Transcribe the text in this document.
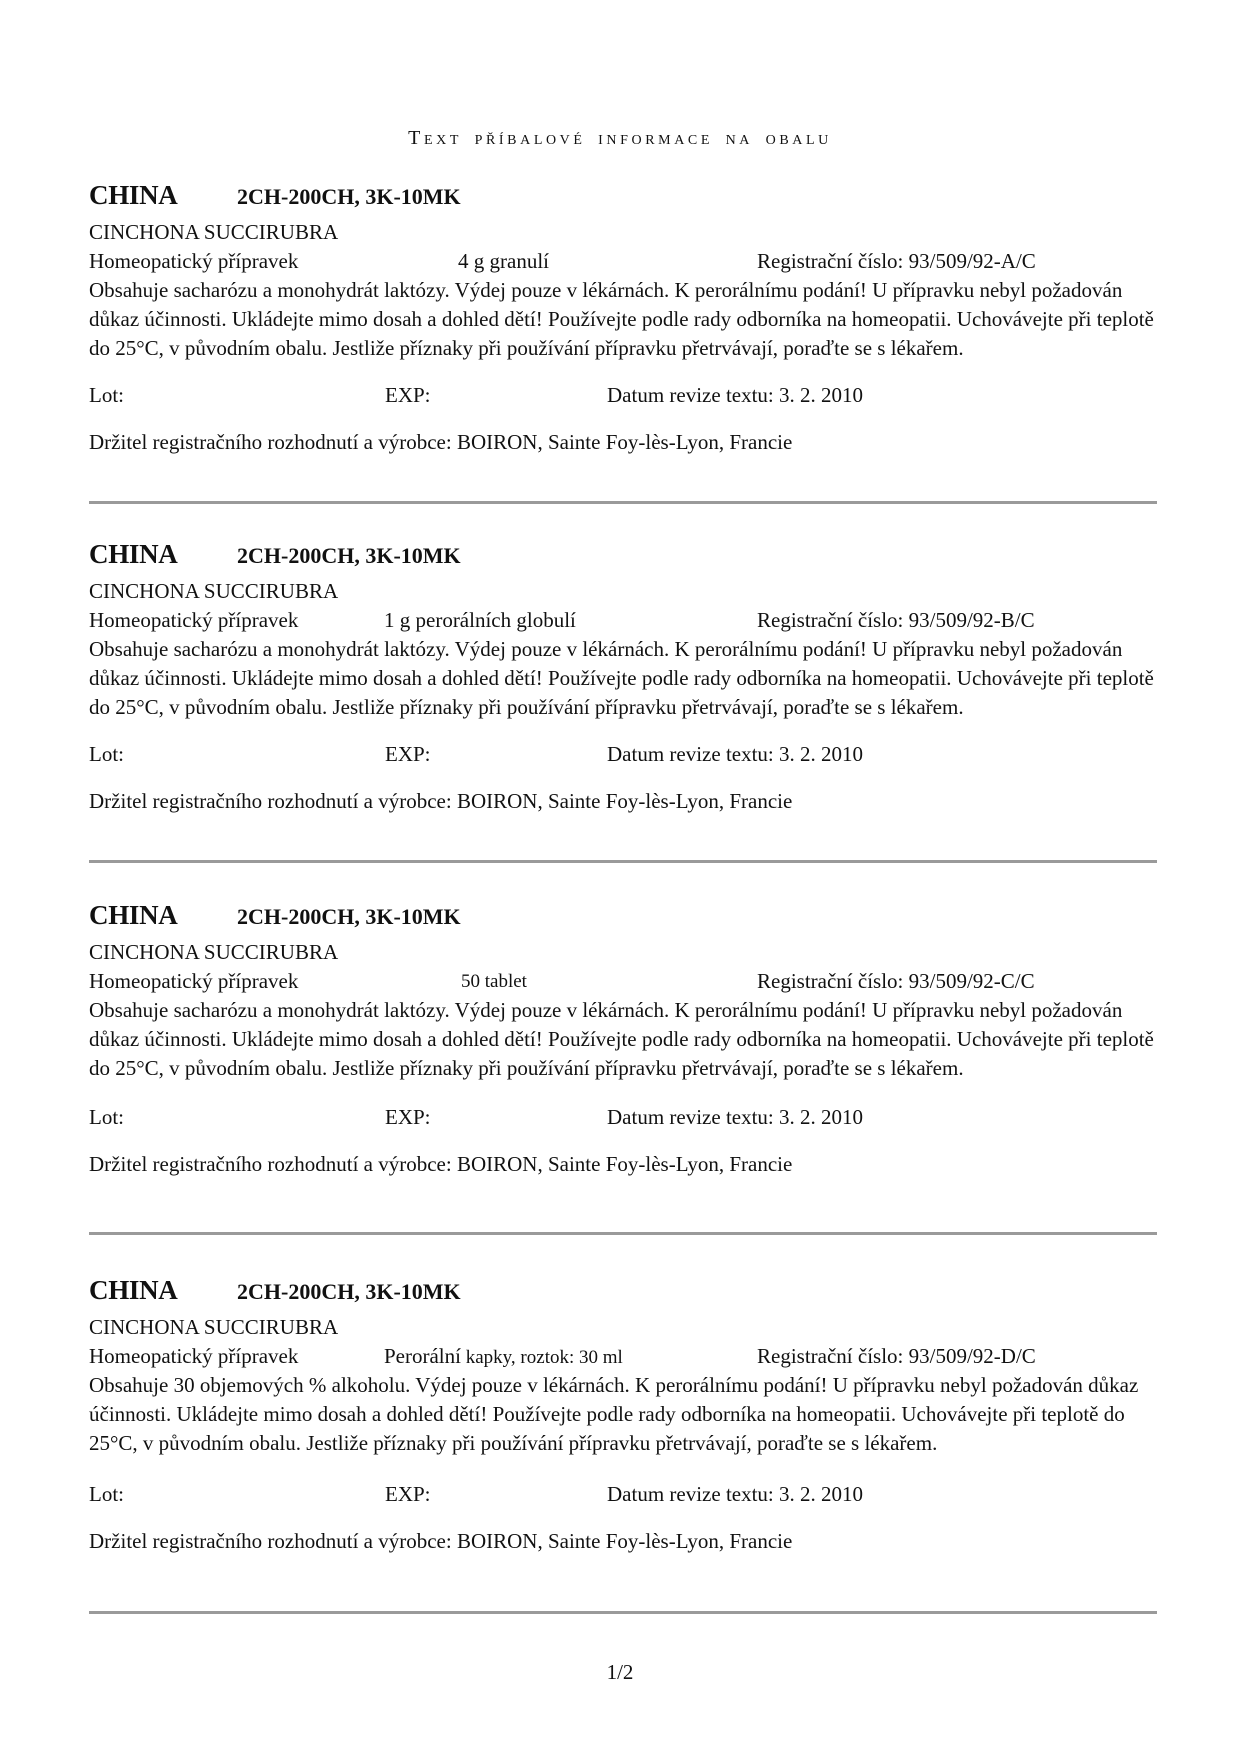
Text příbalové informace na obalu
CHINA	2CH-200CH, 3K-10MK
CINCHONA SUCCIRUBRA
Homeopatický přípravek	4 g granulí	Registrační číslo: 93/509/92-A/C

Obsahuje sacharózu a monohydrát laktózy. Výdej pouze v lékárnách. K perorálnímu podání! U přípravku nebyl požadován důkaz účinnosti. Ukládejte mimo dosah a dohled dětí! Používejte podle rady odborníka na homeopatii. Uchovávejte při teplotě do 25°C, v původním obalu. Jestliže příznaky při používání přípravku přetrvávají, poraďte se s lékařem.

Lot:	EXP:	Datum revize textu: 3. 2. 2010
Držitel registračního rozhodnutí a výrobce: BOIRON, Sainte Foy-lès-Lyon, Francie
CHINA	2CH-200CH, 3K-10MK
CINCHONA SUCCIRUBRA
Homeopatický přípravek	1 g perorálních globulí	Registrační číslo: 93/509/92-B/C

Obsahuje sacharózu a monohydrát laktózy. Výdej pouze v lékárnách. K perorálnímu podání! U přípravku nebyl požadován důkaz účinnosti. Ukládejte mimo dosah a dohled dětí! Používejte podle rady odborníka na homeopatii. Uchovávejte při teplotě do 25°C, v původním obalu. Jestliže příznaky při používání přípravku přetrvávají, poraďte se s lékařem.

Lot:	EXP:	Datum revize textu: 3. 2. 2010
Držitel registračního rozhodnutí a výrobce: BOIRON, Sainte Foy-lès-Lyon, Francie
CHINA	2CH-200CH, 3K-10MK
CINCHONA SUCCIRUBRA
Homeopatický přípravek	50 tablet	Registrační číslo: 93/509/92-C/C

Obsahuje sacharózu a monohydrát laktózy. Výdej pouze v lékárnách. K perorálnímu podání! U přípravku nebyl požadován důkaz účinnosti. Ukládejte mimo dosah a dohled dětí! Používejte podle rady odborníka na homeopatii. Uchovávejte při teplotě do 25°C, v původním obalu. Jestliže příznaky při používání přípravku přetrvávají, poraďte se s lékařem.

Lot:	EXP:	Datum revize textu: 3. 2. 2010
Držitel registračního rozhodnutí a výrobce: BOIRON, Sainte Foy-lès-Lyon, Francie
CHINA	2CH-200CH, 3K-10MK
CINCHONA SUCCIRUBRA
Homeopatický přípravek	Perorální kapky, roztok: 30 ml	Registrační číslo: 93/509/92-D/C

Obsahuje 30 objemových % alkoholu. Výdej pouze v lékárnách. K perorálnímu podání! U přípravku nebyl požadován důkaz účinnosti. Ukládejte mimo dosah a dohled dětí! Používejte podle rady odborníka na homeopatii. Uchovávejte při teplotě do 25°C, v původním obalu. Jestliže příznaky při používání přípravku přetrvávají, poraďte se s lékařem.

Lot:	EXP:	Datum revize textu: 3. 2. 2010
Držitel registračního rozhodnutí a výrobce: BOIRON, Sainte Foy-lès-Lyon, Francie
1/2
